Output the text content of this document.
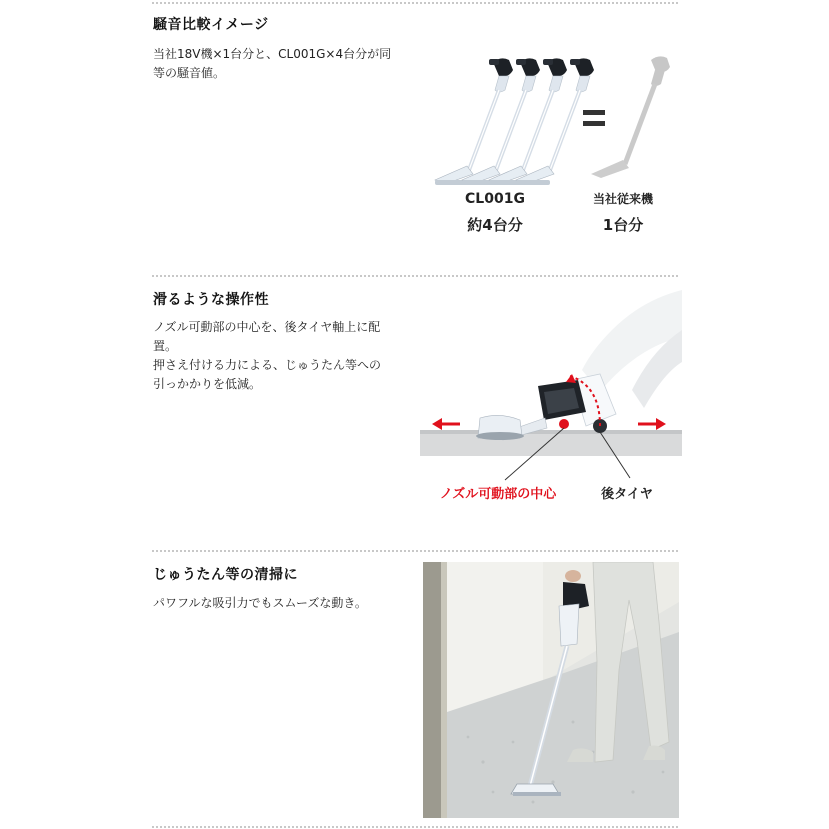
騒音比較イメージ
当社18V機×1台分と、CL001G×4台分が同
等の騒音値。
CL001G
約4台分
当社従来機
1台分
滑るような操作性
ノズル可動部の中心を、後タイヤ軸上に配
置。
押さえ付ける力による、じゅうたん等への
引っかかりを低減。
ノズル可動部の中心	後タイヤ
じゅうたん等の清掃に
パワフルな吸引力でもスムーズな動き。
